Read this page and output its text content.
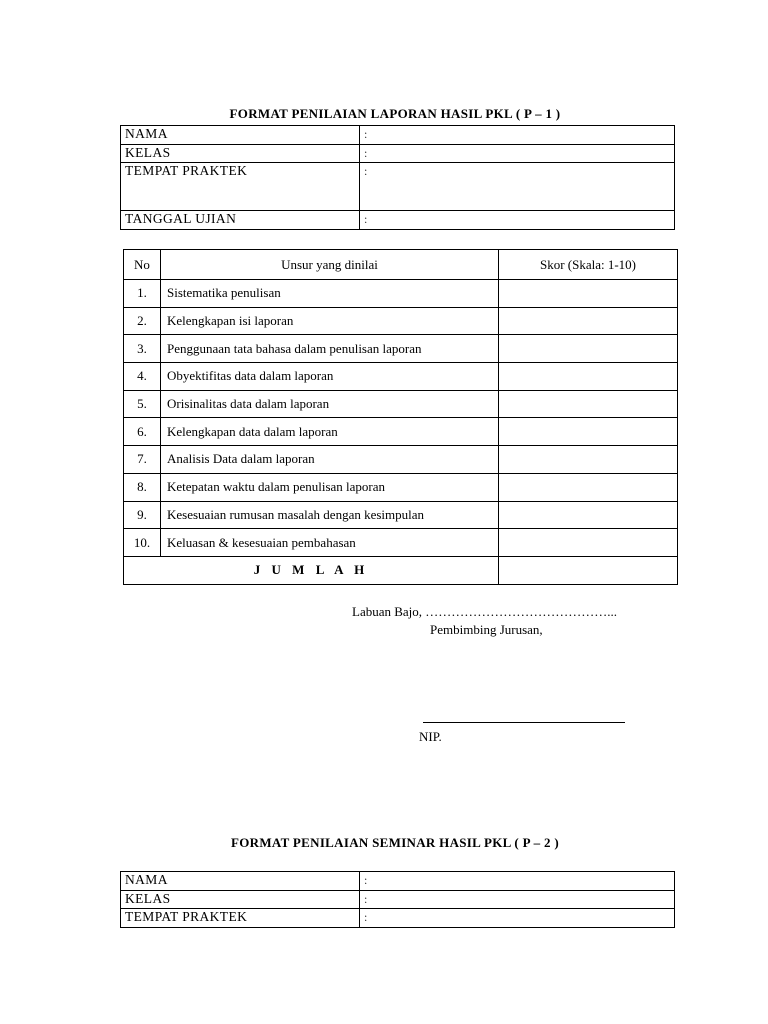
FORMAT PENILAIAN LAPORAN HASIL PKL ( P – 1 )
NAMA	:
KELAS	:
TEMPAT PRAKTEK	:
TANGGAL UJIAN	:
No	Unsur yang dinilai	Skor (Skala: 1-10)
1.	Sistematika penulisan	
2.	Kelengkapan isi laporan	
3.	Penggunaan tata bahasa dalam penulisan laporan	
4.	Obyektifitas data dalam laporan	
5.	Orisinalitas data dalam laporan	
6.	Kelengkapan data dalam laporan	
7.	Analisis Data dalam laporan	
8.	Ketepatan waktu dalam penulisan laporan	
9.	Kesesuaian rumusan masalah dengan kesimpulan	
10.	Keluasan & kesesuaian pembahasan	
J U M L A H		
Labuan Bajo, ……………………………………...
Pembimbing Jurusan,
NIP.
FORMAT PENILAIAN SEMINAR HASIL PKL ( P – 2 )
NAMA	:
KELAS	:
TEMPAT PRAKTEK	:
